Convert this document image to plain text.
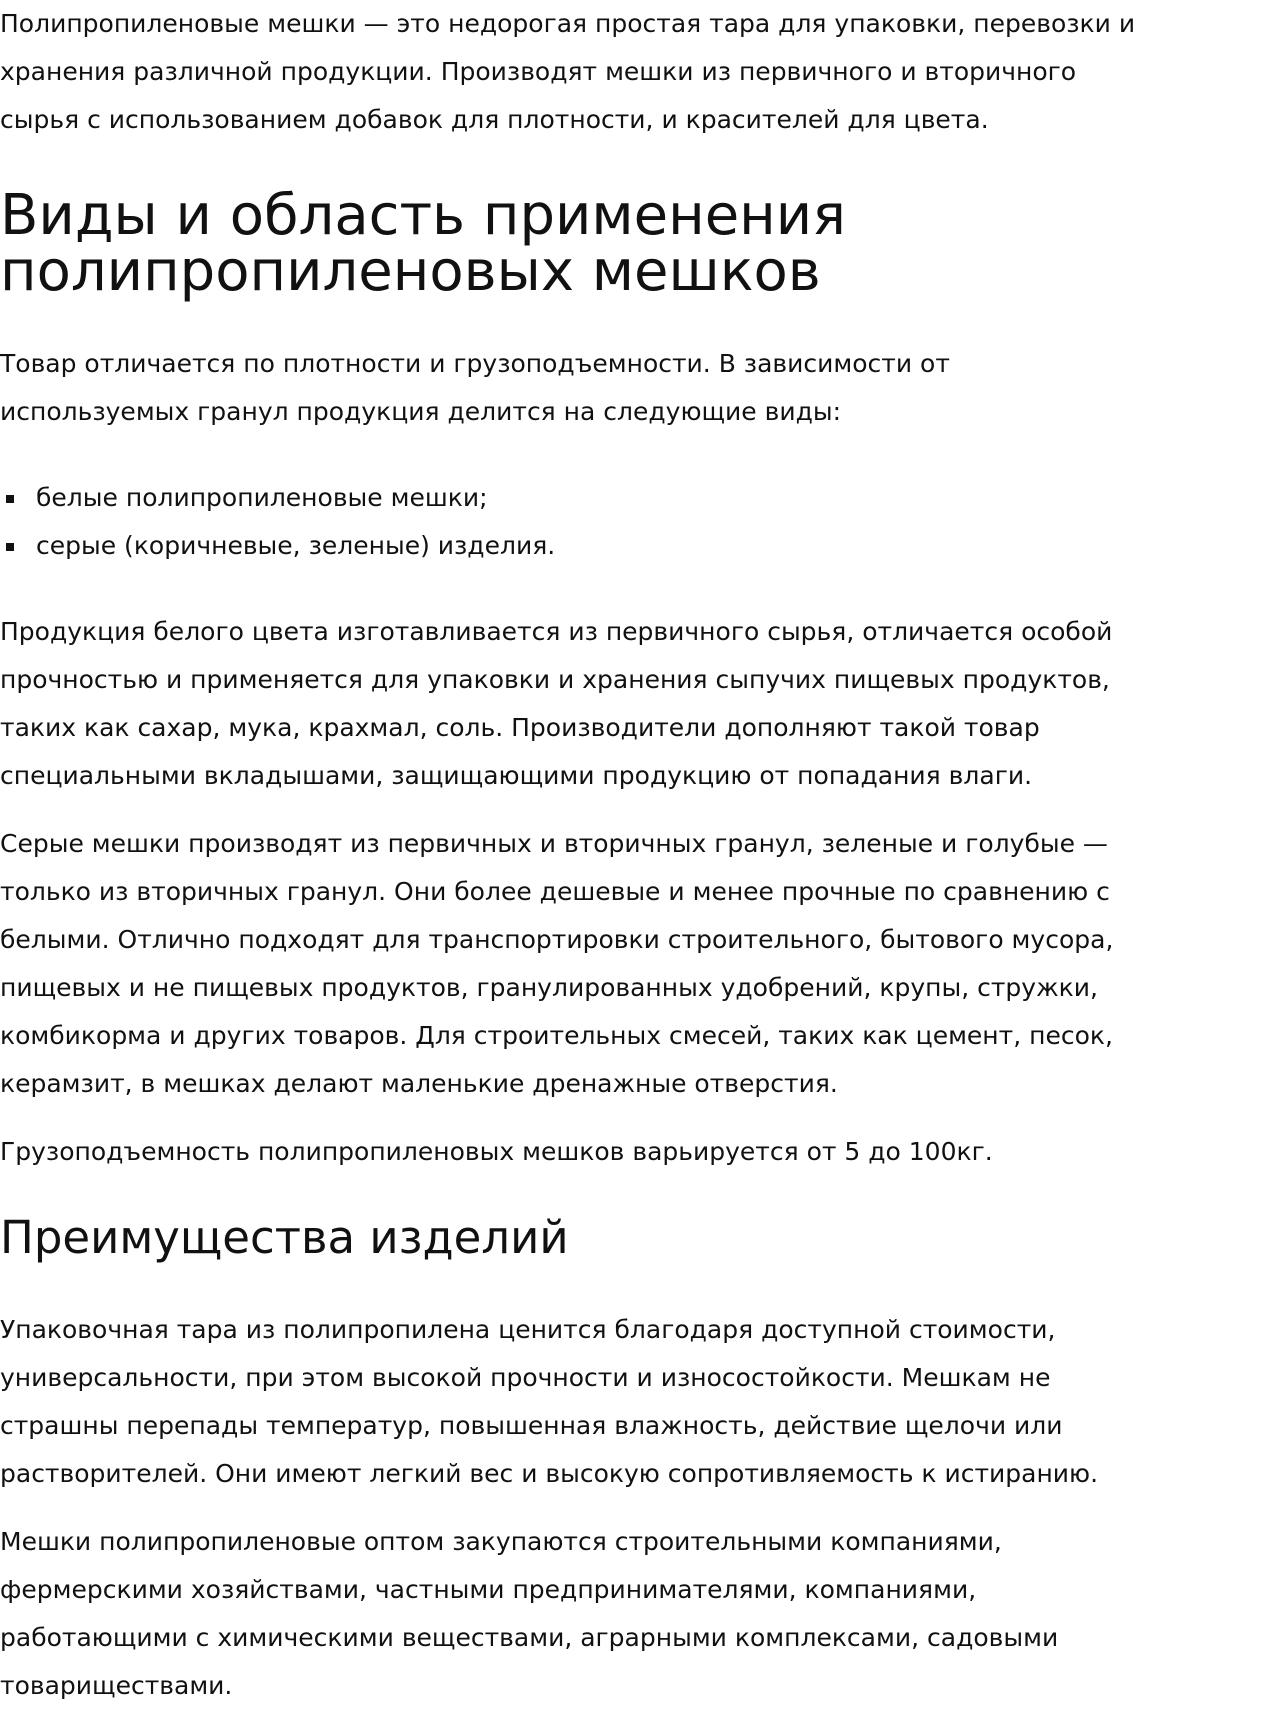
Полипропиленовые мешки — это недорогая простая тара для упаковки, перевозки и хранения различной продукции. Производят мешки из первичного и вторичного сырья с использованием добавок для плотности, и красителей для цвета.

Виды и область применения полипропиленовых мешков

Товар отличается по плотности и грузоподъемности. В зависимости от используемых гранул продукция делится на следующие виды:

белые полипропиленовые мешки;
серые (коричневые, зеленые) изделия.

Продукция белого цвета изготавливается из первичного сырья, отличается особой прочностью и применяется для упаковки и хранения сыпучих пищевых продуктов, таких как сахар, мука, крахмал, соль. Производители дополняют такой товар специальными вкладышами, защищающими продукцию от попадания влаги.

Серые мешки производят из первичных и вторичных гранул, зеленые и голубые — только из вторичных гранул. Они более дешевые и менее прочные по сравнению с белыми. Отлично подходят для транспортировки строительного, бытового мусора, пищевых и не пищевых продуктов, гранулированных удобрений, крупы, стружки, комбикорма и других товаров. Для строительных смесей, таких как цемент, песок, керамзит, в мешках делают маленькие дренажные отверстия.

Грузоподъемность полипропиленовых мешков варьируется от 5 до 100кг.

Преимущества изделий

Упаковочная тара из полипропилена ценится благодаря доступной стоимости, универсальности, при этом высокой прочности и износостойкости. Мешкам не страшны перепады температур, повышенная влажность, действие щелочи или растворителей. Они имеют легкий вес и высокую сопротивляемость к истиранию.

Мешки полипропиленовые оптом закупаются строительными компаниями, фермерскими хозяйствами, частными предпринимателями, компаниями, работающими с химическими веществами, аграрными комплексами, садовыми товариществами.
